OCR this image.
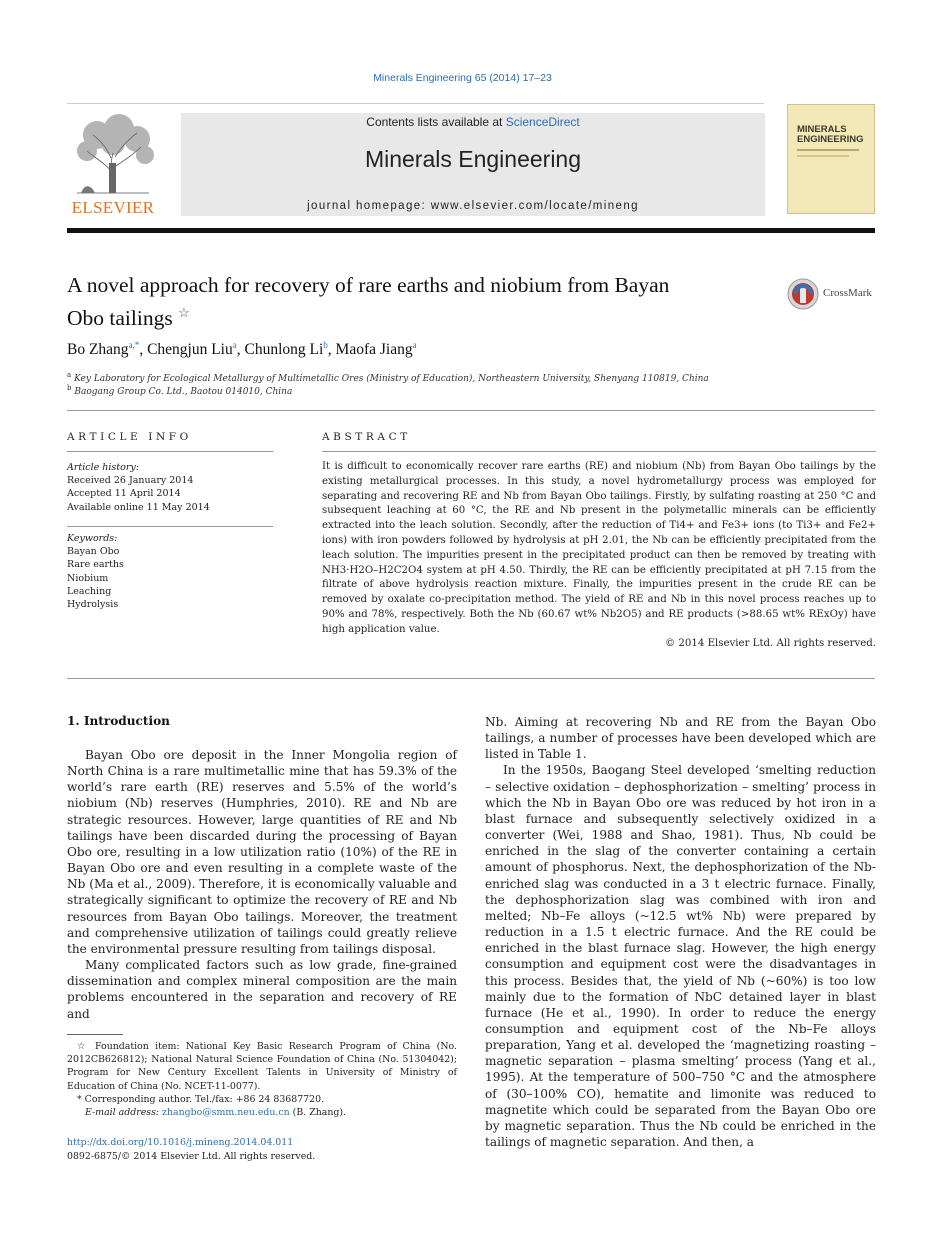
Minerals Engineering 65 (2014) 17–23
ELSEVIER
Contents lists available at ScienceDirect
Minerals Engineering
journal homepage: www.elsevier.com/locate/mineng
MINERALS
ENGINEERING
A novel approach for recovery of rare earths and niobium from Bayan
Obo tailings ☆
CrossMark
Bo Zhang$^{a,*}$, Chengjun Liu$^a$, Chunlong Li$^b$, Maofa Jiang$^a$
$^a$ Key Laboratory for Ecological Metallurgy of Multimetallic Ores (Ministry of Education), Northeastern University, Shenyang 110819, China
$^b$ Baogang Group Co. Ltd., Baotou 014010, China
ARTICLE INFO
Article history:
Received 26 January 2014
Accepted 11 April 2014
Available online 11 May 2014
Keywords:
Bayan Obo
Rare earths
Niobium
Leaching
Hydrolysis
ABSTRACT
It is difficult to economically recover rare earths (RE) and niobium (Nb) from Bayan Obo tailings by the existing metallurgical processes. In this study, a novel hydrometallurgy process was employed for separating and recovering RE and Nb from Bayan Obo tailings. Firstly, by sulfating roasting at 250 °C and subsequent leaching at 60 °C, the RE and Nb present in the polymetallic minerals can be efficiently extracted into the leach solution. Secondly, after the reduction of Ti4+ and Fe3+ ions (to Ti3+ and Fe2+ ions) with iron powders followed by hydrolysis at pH 2.01, the Nb can be efficiently precipitated from the leach solution. The impurities present in the precipitated product can then be removed by treating with NH3·H2O–H2C2O4 system at pH 4.50. Thirdly, the RE can be efficiently precipitated at pH 7.15 from the filtrate of above hydrolysis reaction mixture. Finally, the impurities present in the crude RE can be removed by oxalate co-precipitation method. The yield of RE and Nb in this novel process reaches up to 90% and 78%, respectively. Both the Nb (60.67 wt% Nb2O5) and RE products (>88.65 wt% RExOy) have high application value.
© 2014 Elsevier Ltd. All rights reserved.
1. Introduction

Bayan Obo ore deposit in the Inner Mongolia region of North China is a rare multimetallic mine that has 59.3% of the world’s rare earth (RE) reserves and 5.5% of the world’s niobium (Nb) reserves (Humphries, 2010). RE and Nb are strategic resources. However, large quantities of RE and Nb tailings have been discarded during the processing of Bayan Obo ore, resulting in a low utilization ratio (10%) of the RE in Bayan Obo ore and even resulting in a complete waste of the Nb (Ma et al., 2009). Therefore, it is economically valuable and strategically significant to optimize the recovery of RE and Nb resources from Bayan Obo tailings. Moreover, the treatment and comprehensive utilization of tailings could greatly relieve the environmental pressure resulting from tailings disposal.

Many complicated factors such as low grade, fine-grained dissemination and complex mineral composition are the main problems encountered in the separation and recovery of RE and

☆ Foundation item: National Key Basic Research Program of China (No. 2012CB626812); National Natural Science Foundation of China (No. 51304042); Program for New Century Excellent Talents in University of Ministry of Education of China (No. NCET-11-0077).
* Corresponding author. Tel./fax: +86 24 83687720.
E-mail address: zhangbo@smm.neu.edu.cn (B. Zhang).
http://dx.doi.org/10.1016/j.mineng.2014.04.011
0892-6875/© 2014 Elsevier Ltd. All rights reserved.

Nb. Aiming at recovering Nb and RE from the Bayan Obo tailings, a number of processes have been developed which are listed in Table 1.

In the 1950s, Baogang Steel developed ‘smelting reduction – selective oxidation – dephosphorization – smelting’ process in which the Nb in Bayan Obo ore was reduced by hot iron in a blast furnace and subsequently selectively oxidized in a converter (Wei, 1988 and Shao, 1981). Thus, Nb could be enriched in the slag of the converter containing a certain amount of phosphorus. Next, the dephosphorization of the Nb-enriched slag was conducted in a 3 t electric furnace. Finally, the dephosphorization slag was combined with iron and melted; Nb–Fe alloys (~12.5 wt% Nb) were prepared by reduction in a 1.5 t electric furnace. And the RE could be enriched in the blast furnace slag. However, the high energy consumption and equipment cost were the disadvantages in this process. Besides that, the yield of Nb (~60%) is too low mainly due to the formation of NbC detained layer in blast furnace (He et al., 1990). In order to reduce the energy consumption and equipment cost of the Nb–Fe alloys preparation, Yang et al. developed the ‘magnetizing roasting – magnetic separation – plasma smelting’ process (Yang et al., 1995). At the temperature of 500–750 °C and the atmosphere of (30–100% CO), hematite and limonite was reduced to magnetite which could be separated from the Bayan Obo ore by magnetic separation. Thus the Nb could be enriched in the tailings of magnetic separation. And then, a
